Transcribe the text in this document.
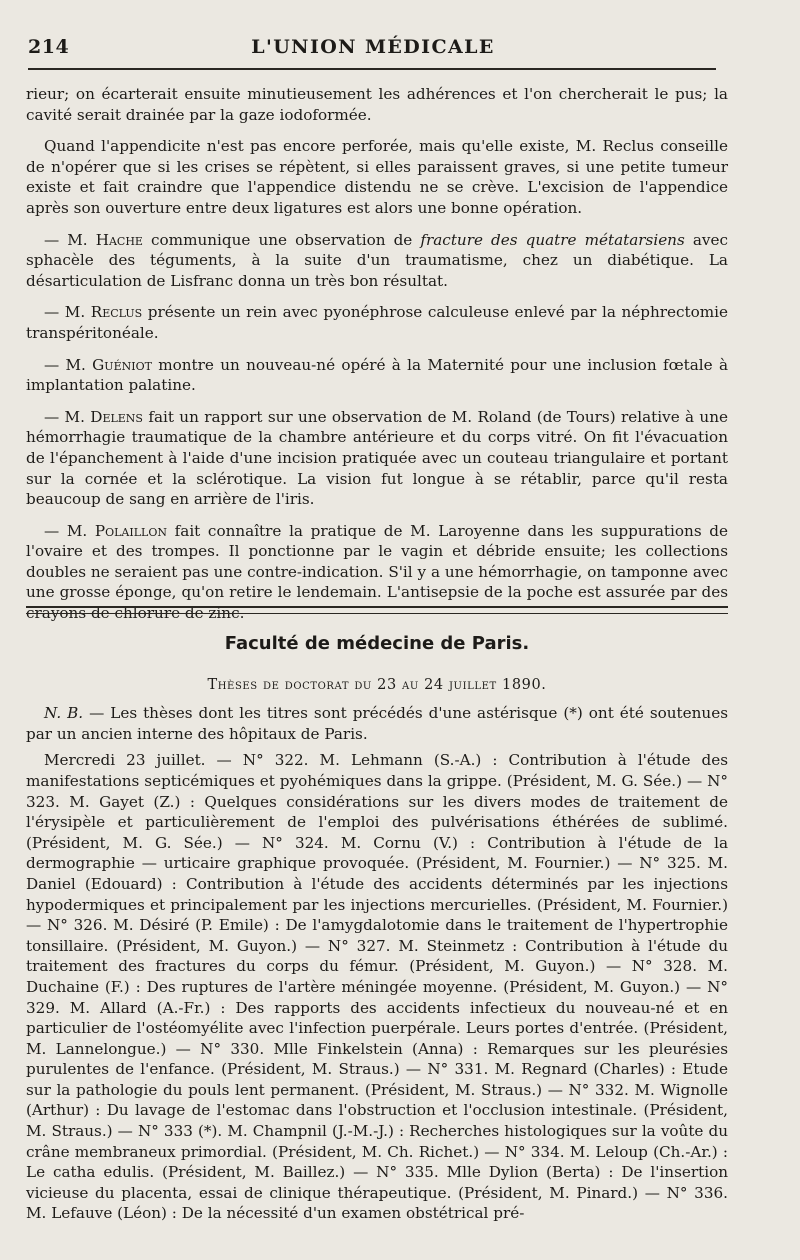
214	L'UNION MÉDICALE

rieur; on écarterait ensuite minutieusement les adhérences et l'on chercherait le pus; la cavité serait drainée par la gaze iodoformée.

Quand l'appendicite n'est pas encore perforée, mais qu'elle existe, M. Reclus conseille de n'opérer que si les crises se répètent, si elles paraissent graves, si une petite tumeur existe et fait craindre que l'appendice distendu ne se crève. L'excision de l'appendice après son ouverture entre deux ligatures est alors une bonne opération.

— M. Hache communique une observation de fracture des quatre métatarsiens avec sphacèle des téguments, à la suite d'un traumatisme, chez un diabétique. La désarticulation de Lisfranc donna un très bon résultat.

— M. Reclus présente un rein avec pyonéphrose calculeuse enlevé par la néphrectomie transpéritonéale.

— M. Guéniot montre un nouveau-né opéré à la Maternité pour une inclusion fœtale à implantation palatine.

— M. Delens fait un rapport sur une observation de M. Roland (de Tours) relative à une hémorrhagie traumatique de la chambre antérieure et du corps vitré. On fit l'évacuation de l'épanchement à l'aide d'une incision pratiquée avec un couteau triangulaire et portant sur la cornée et la sclérotique. La vision fut longue à se rétablir, parce qu'il resta beaucoup de sang en arrière de l'iris.

— M. Polaillon fait connaître la pratique de M. Laroyenne dans les suppurations de l'ovaire et des trompes. Il ponctionne par le vagin et débride ensuite; les collections doubles ne seraient pas une contre-indication. S'il y a une hémorrhagie, on tamponne avec une grosse éponge, qu'on retire le lendemain. L'antisepsie de la poche est assurée par des crayons de chlorure de zinc.

Faculté de médecine de Paris.
Thèses de doctorat du 23 au 24 juillet 1890.

N. B. — Les thèses dont les titres sont précédés d'une astérisque (*) ont été soutenues par un ancien interne des hôpitaux de Paris.

Mercredi 23 juillet. — N° 322. M. Lehmann (S.-A.) : Contribution à l'étude des manifestations septicémiques et pyohémiques dans la grippe. (Président, M. G. Sée.) — N° 323. M. Gayet (Z.) : Quelques considérations sur les divers modes de traitement de l'érysipèle et particulièrement de l'emploi des pulvérisations éthérées de sublimé. (Président, M. G. Sée.) — N° 324. M. Cornu (V.) : Contribution à l'étude de la dermographie — urticaire graphique provoquée. (Président, M. Fournier.) — N° 325. M. Daniel (Edouard) : Contribution à l'étude des accidents déterminés par les injections hypodermiques et principalement par les injections mercurielles. (Président, M. Fournier.) — N° 326. M. Désiré (P. Emile) : De l'amygdalotomie dans le traitement de l'hypertrophie tonsillaire. (Président, M. Guyon.) — N° 327. M. Steinmetz : Contribution à l'étude du traitement des fractures du corps du fémur. (Président, M. Guyon.) — N° 328. M. Duchaine (F.) : Des ruptures de l'artère méningée moyenne. (Président, M. Guyon.) — N° 329. M. Allard (A.-Fr.) : Des rapports des accidents infectieux du nouveau-né et en particulier de l'ostéomyélite avec l'infection puerpérale. Leurs portes d'entrée. (Président, M. Lannelongue.) — N° 330. Mlle Finkelstein (Anna) : Remarques sur les pleurésies purulentes de l'enfance. (Président, M. Straus.) — N° 331. M. Regnard (Charles) : Etude sur la pathologie du pouls lent permanent. (Président, M. Straus.) — N° 332. M. Wignolle (Arthur) : Du lavage de l'estomac dans l'obstruction et l'occlusion intestinale. (Président, M. Straus.) — N° 333 (*). M. Champnil (J.-M.-J.) : Recherches histologiques sur la voûte du crâne membraneux primordial. (Président, M. Ch. Richet.) — N° 334. M. Leloup (Ch.-Ar.) : Le catha edulis. (Président, M. Baillez.) — N° 335. Mlle Dylion (Berta) : De l'insertion vicieuse du placenta, essai de clinique thérapeutique. (Président, M. Pinard.) — N° 336. M. Lefauve (Léon) : De la nécessité d'un examen obstétrical pré-
